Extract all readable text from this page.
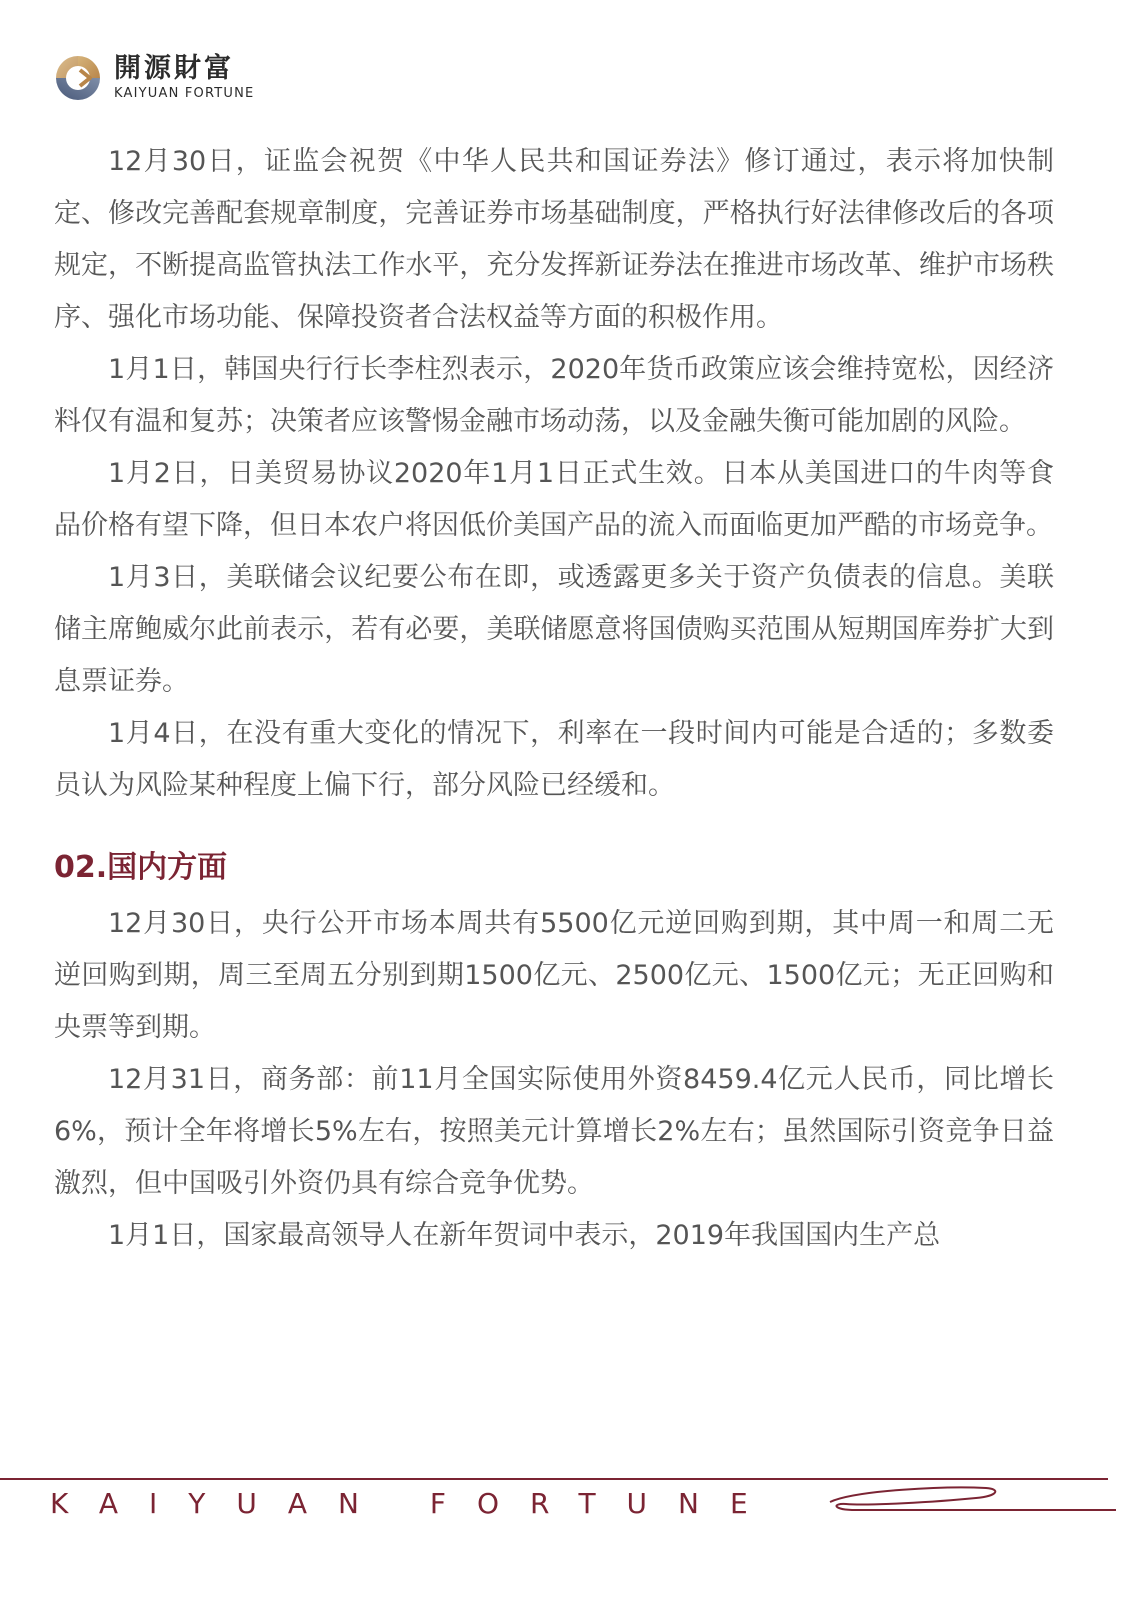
開源財富
KAIYUAN FORTUNE

12月30日，证监会祝贺《中华人民共和国证券法》修订通过，表示将加快制定、修改完善配套规章制度，完善证券市场基础制度，严格执行好法律修改后的各项规定，不断提高监管执法工作水平，充分发挥新证券法在推进市场改革、维护市场秩序、强化市场功能、保障投资者合法权益等方面的积极作用。

1月1日，韩国央行行长李柱烈表示，2020年货币政策应该会维持宽松，因经济料仅有温和复苏；决策者应该警惕金融市场动荡，以及金融失衡可能加剧的风险。

1月2日，日美贸易协议2020年1月1日正式生效。日本从美国进口的牛肉等食品价格有望下降，但日本农户将因低价美国产品的流入而面临更加严酷的市场竞争。

1月3日，美联储会议纪要公布在即，或透露更多关于资产负债表的信息。美联储主席鲍威尔此前表示，若有必要，美联储愿意将国债购买范围从短期国库券扩大到息票证券。

1月4日，在没有重大变化的情况下，利率在一段时间内可能是合适的；多数委员认为风险某种程度上偏下行，部分风险已经缓和。

02.国内方面

12月30日，央行公开市场本周共有5500亿元逆回购到期，其中周一和周二无逆回购到期，周三至周五分别到期1500亿元、2500亿元、1500亿元；无正回购和央票等到期。

12月31日，商务部：前11月全国实际使用外资8459.4亿元人民币，同比增长6%，预计全年将增长5%左右，按照美元计算增长2%左右；虽然国际引资竞争日益激烈，但中国吸引外资仍具有综合竞争优势。

1月1日，国家最高领导人在新年贺词中表示，2019年我国国内生产总

KAIYUAN FORTUNE
